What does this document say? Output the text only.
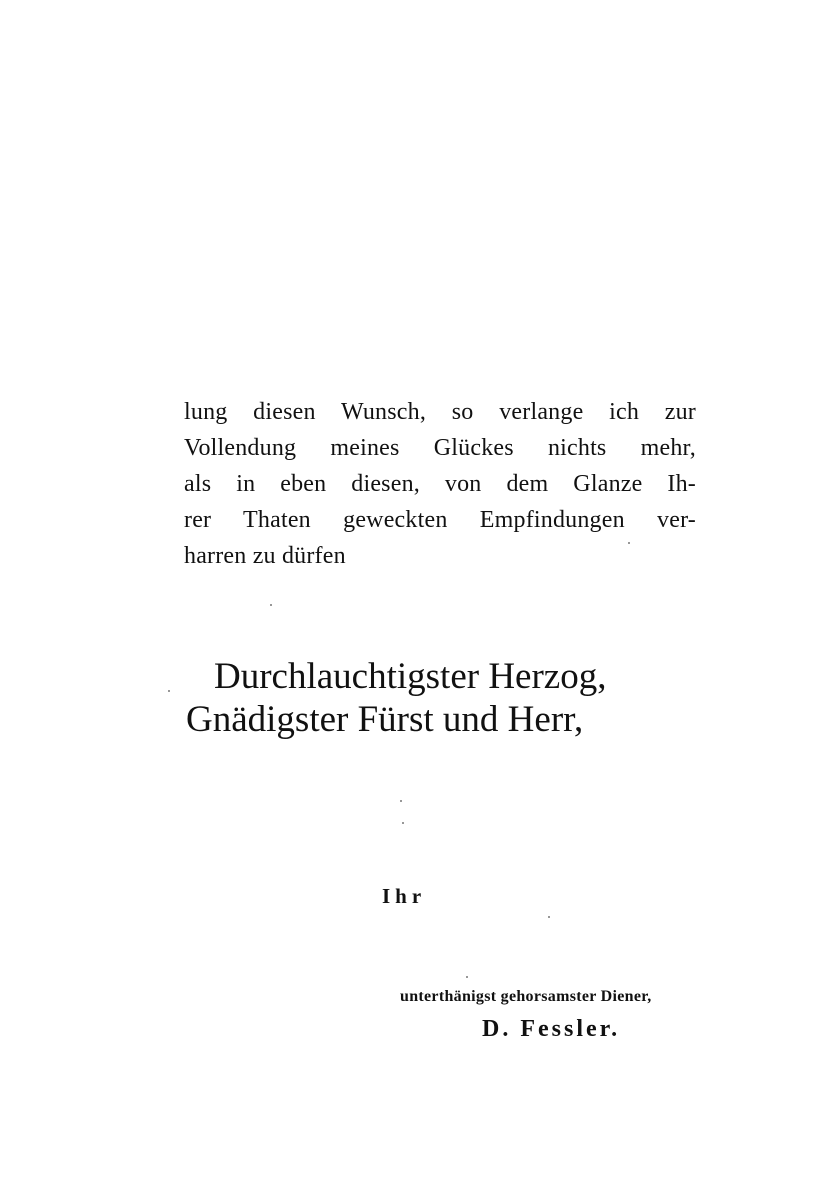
lung diesen Wunsch, so verlange ich zur
Vollendung meines Glückes nichts mehr,
als in eben diesen, von dem Glanze Ih-
rer Thaten geweckten Empfindungen ver-
harren zu dürfen
Durchlauchtigster Herzog,
Gnädigster Fürst und Herr,
Ihr
unterthänigst gehorsamster Diener,
D. Fessler.
